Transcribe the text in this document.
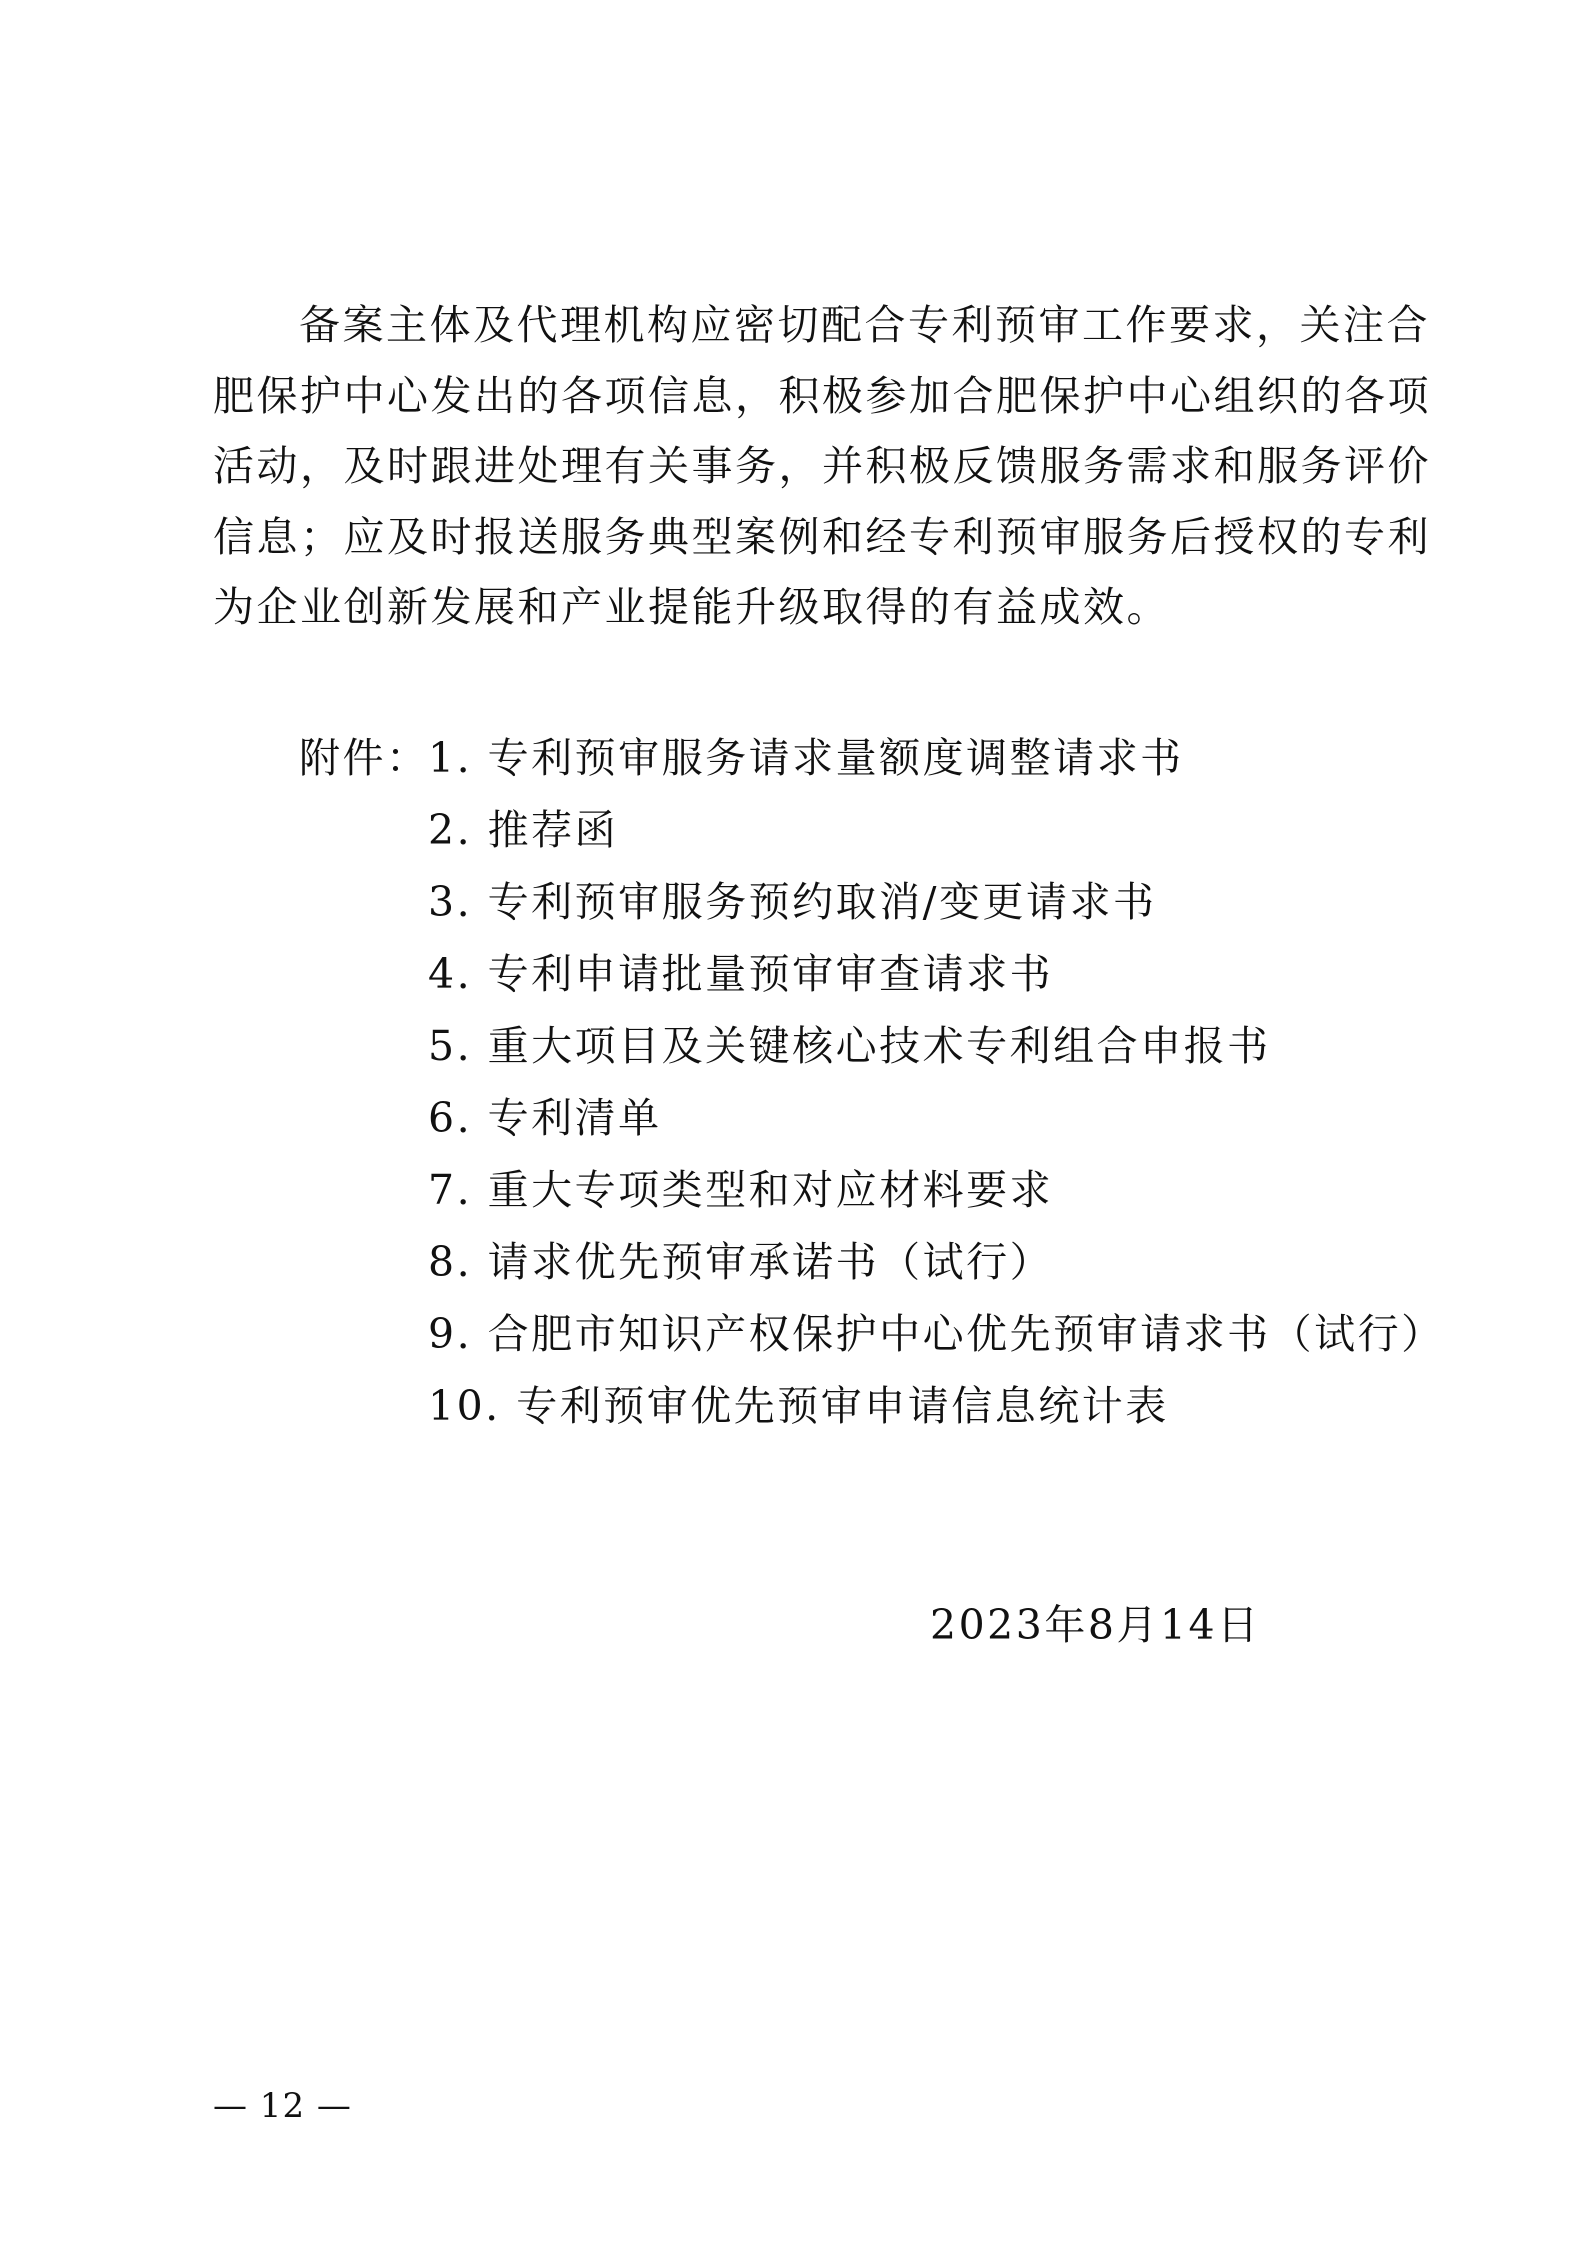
备案主体及代理机构应密切配合专利预审工作要求，关注合
肥保护中心发出的各项信息，积极参加合肥保护中心组织的各项
活动，及时跟进处理有关事务，并积极反馈服务需求和服务评价
信息；应及时报送服务典型案例和经专利预审服务后授权的专利
为企业创新发展和产业提能升级取得的有益成效。

附件：
1. 专利预审服务请求量额度调整请求书
2. 推荐函
3. 专利预审服务预约取消/变更请求书
4. 专利申请批量预审审查请求书
5. 重大项目及关键核心技术专利组合申报书
6. 专利清单
7. 重大专项类型和对应材料要求
8. 请求优先预审承诺书（试行）
9. 合肥市知识产权保护中心优先预审请求书（试行）
10. 专利预审优先预审申请信息统计表
2023年8月14日
— 12 —
